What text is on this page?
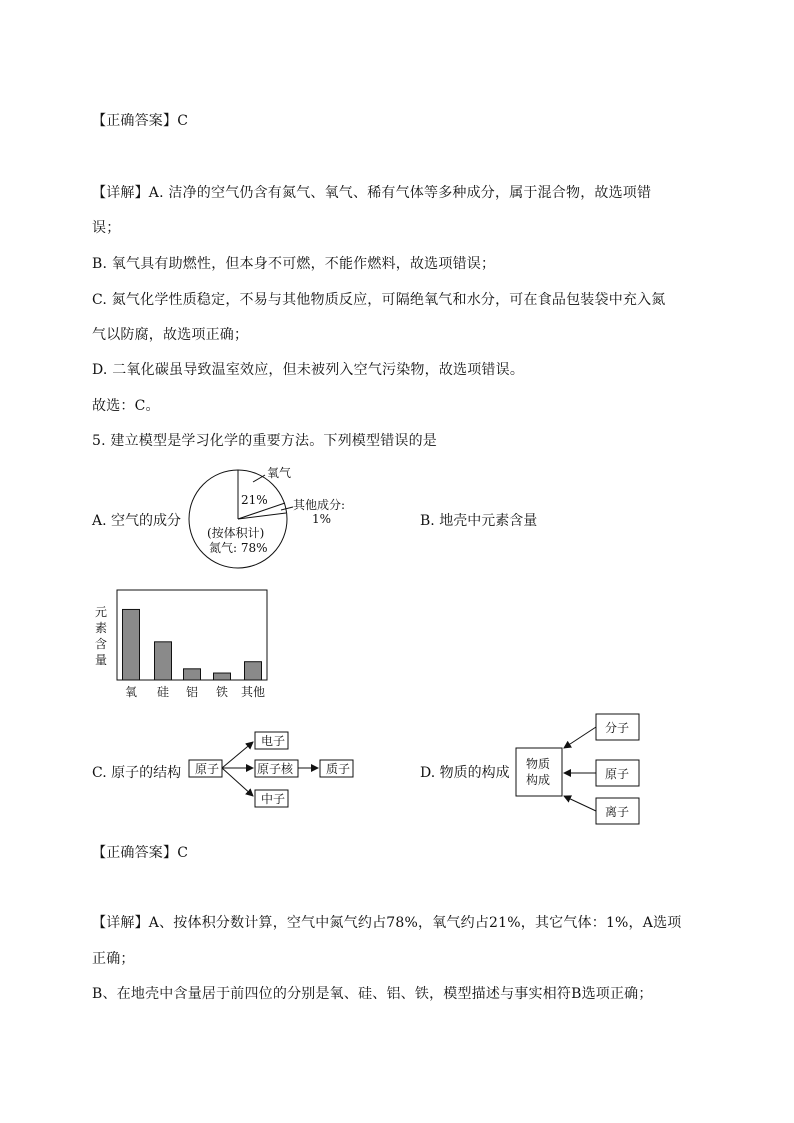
【正确答案】C
【详解】A. 洁净的空气仍含有氮气、氧气、稀有气体等多种成分，属于混合物，故选项错
误；
B. 氧气具有助燃性，但本身不可燃，不能作燃料，故选项错误；
C. 氮气化学性质稳定，不易与其他物质反应，可隔绝氧气和水分，可在食品包装袋中充入氮
气以防腐，故选项正确；
D. 二氧化碳虽导致温室效应，但未被列入空气污染物，故选项错误。
故选：C。
5. 建立模型是学习化学的重要方法。下列模型错误的是
A. 空气的成分
氧气
21% 其他成分:
1%
(按体积计)
氮气: 78%
B. 地壳中元素含量
元
素
含
量
氧 硅 铝 铁 其他
C. 原子的结构 原子
电子
原子核	质子
中子
D. 物质的构成
物质
构成
分子
原子
离子
【正确答案】C
【详解】A、按体积分数计算，空气中氮气约占78%，氧气约占21%，其它气体：1%，A选项
正确；
B、在地壳中含量居于前四位的分别是氧、硅、铝、铁，模型描述与事实相符B选项正确；
